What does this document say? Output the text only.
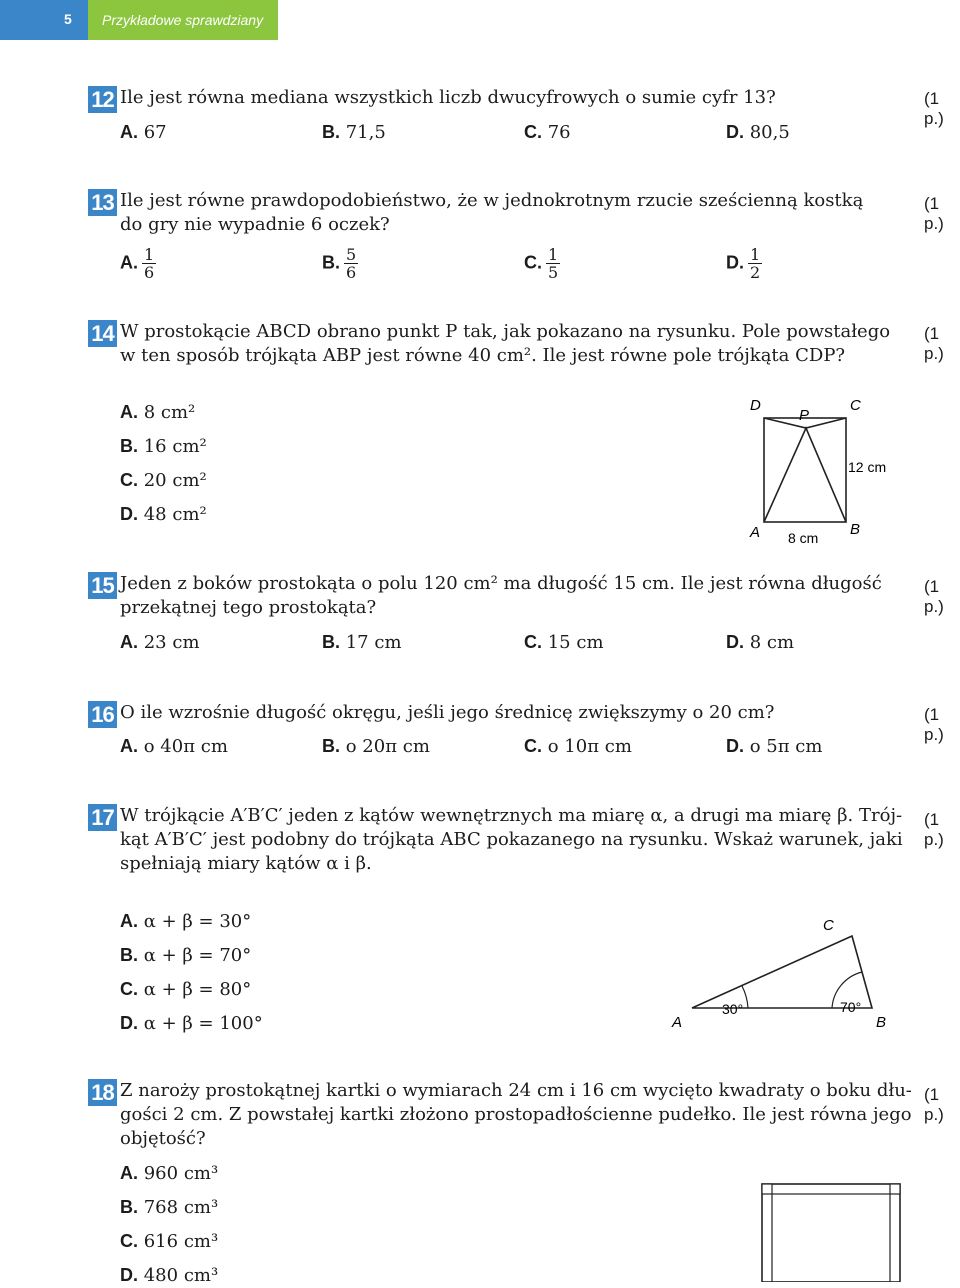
5 Przykładowe sprawdziany
12 Ile jest równa mediana wszystkich liczb dwucyfrowych o sumie cyfr 13?	(1 p.)
A. 67	B. 71,5	C. 76	D. 80,5
13 Ile jest równe prawdopodobieństwo, że w jednokrotnym rzucie sześcienną kostką
do gry nie wypadnie 6 oczek?
(1 p.)
A. $\frac{1}{6}$	B. $\frac{5}{6}$	C. $\frac{1}{5}$	D. $\frac{1}{2}$
14 W prostokącie ABCD obrano punkt P tak, jak pokazano na rysunku. Pole powstałego
w ten sposób trójkąta ABP jest równe 40 cm². Ile jest równe pole trójkąta CDP?
(1 p.)
A. 8 cm²
B. 16 cm²
C. 20 cm²
D. 48 cm²
D
P
C
A	B
12 cm
8 cm
15 Jeden z boków prostokąta o polu 120 cm² ma długość 15 cm. Ile jest równa długość
przekątnej tego prostokąta?
(1 p.)
A. 23 cm	B. 17 cm	C. 15 cm	D. 8 cm
16 O ile wzrośnie długość okręgu, jeśli jego średnicę zwiększymy o 20 cm?	(1 p.)
A. o 40π cm	B. o 20π cm	C. o 10π cm	D. o 5π cm
17 W trójkącie A′B′C′ jeden z kątów wewnętrznych ma miarę α, a drugi ma miarę β. Trój-
kąt A′B′C′ jest podobny do trójkąta ABC pokazanego na rysunku. Wskaż warunek, jaki
spełniają miary kątów α i β.
(1 p.)
A. α + β = 30°
B. α + β = 70°
C. α + β = 80°
D. α + β = 100°
C
A	B
30°	70°
18 Z naroży prostokątnej kartki o wymiarach 24 cm i 16 cm wycięto kwadraty o boku dłu-
gości 2 cm. Z powstałej kartki złożono prostopadłościenne pudełko. Ile jest równa jego
objętość?
(1 p.)
A. 960 cm³
B. 768 cm³
C. 616 cm³
D. 480 cm³
